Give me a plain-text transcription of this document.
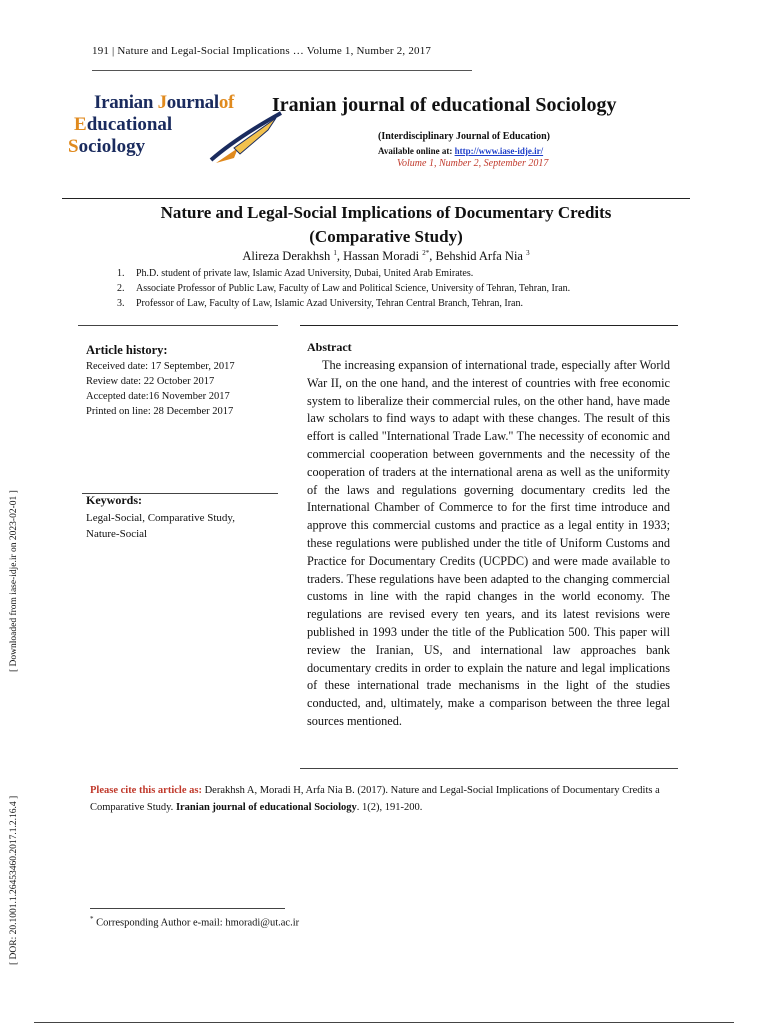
191 | Nature and Legal-Social Implications … Volume 1, Number 2, 2017
Iranian Journalof
Educational
Sociology
Iranian journal of educational Sociology
(Interdisciplinary Journal of Education)
Available online at: http://www.iase-idje.ir/
Volume 1, Number 2, September 2017
Nature and Legal-Social Implications of Documentary Credits
(Comparative Study)
Alireza Derakhsh $^1$, Hassan Moradi $^{2*}$, Behshid Arfa Nia $^3$
1. Ph.D. student of private law, Islamic Azad University, Dubai, United Arab Emirates.
2. Associate Professor of Public Law, Faculty of Law and Political Science, University of Tehran, Tehran, Iran.
3. Professor of Law, Faculty of Law, Islamic Azad University, Tehran Central Branch, Tehran, Iran.
Article history:
Received date: 17 September, 2017
Review date: 22 October 2017
Accepted date:16 November 2017
Printed on line: 28 December 2017
Keywords:
Legal-Social, Comparative Study, Nature-Social
Abstract
The increasing expansion of international trade, especially after World War II, on the one hand, and the interest of countries with free economic system to liberalize their commercial rules, on the other hand, have made law scholars to find ways to adapt with these changes. The result of this effort is called "International Trade Law." The necessity of economic and commercial cooperation between governments and the necessity of the cooperation of traders at the international arena as well as the uniformity of the laws and regulations governing documentary credits led the International Chamber of Commerce to for the first time introduce and approve this commercial customs and practice as a legal entity in 1933; these regulations were published under the title of Uniform Customs and Practice for Documentary Credits (UCPDC) and were made available to traders. These regulations have been adapted to the changing commercial customs in line with the rapid changes in the world economy. The regulations are revised every ten years, and its latest revisions were published in 1993 under the title of the Publication 500. This paper will review the Iranian, US, and international law approaches bank documentary credits in order to explain the nature and legal implications of these international trade mechanisms in the light of the studies conducted, and, ultimately, make a comparison between the three legal sources mentioned.
Please cite this article as: Derakhsh A, Moradi H, Arfa Nia B. (2017). Nature and Legal-Social Implications of Documentary Credits a Comparative Study. Iranian journal of educational Sociology. 1(2), 191-200.
* Corresponding Author e-mail: hmoradi@ut.ac.ir
[ Downloaded from iase-idje.ir on 2023-02-01 ]
[ DOR: 20.1001.1.26453460.2017.1.2.16.4 ]
